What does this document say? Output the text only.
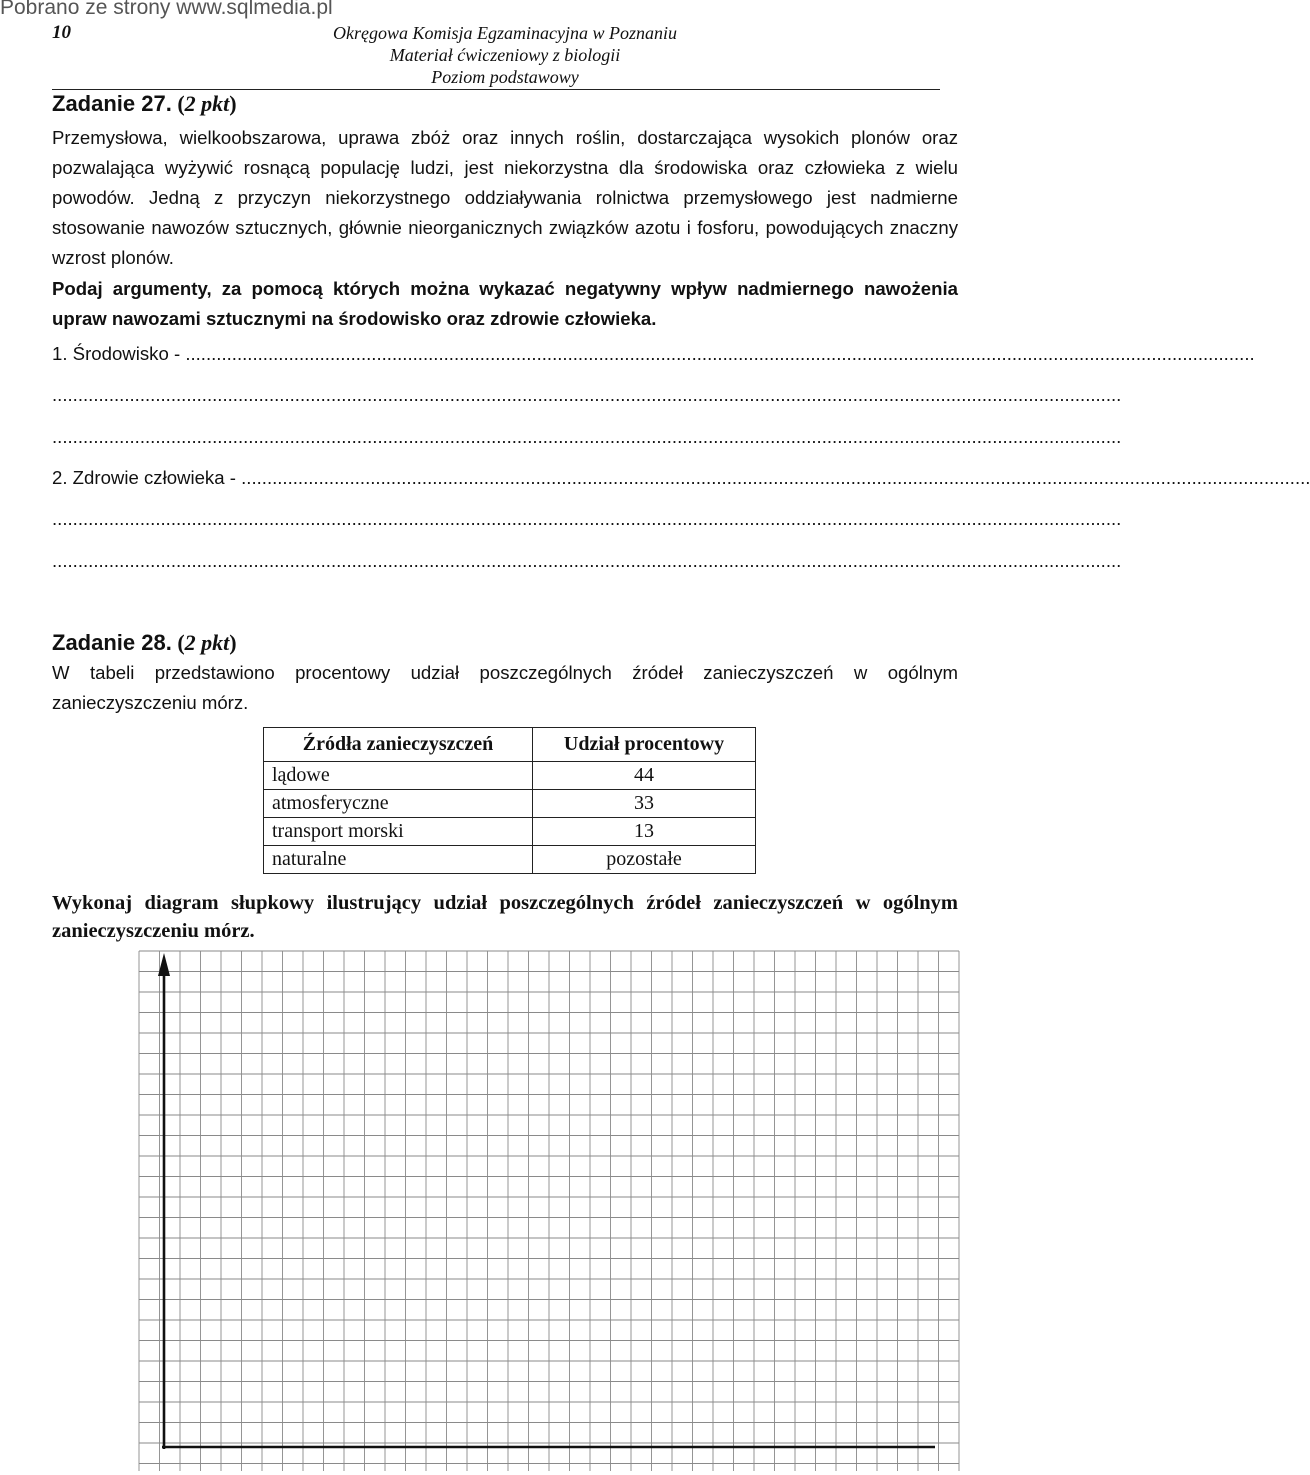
Pobrano ze strony www.sqlmedia.pl
10	Okręgowa Komisja Egzaminacyjna w Poznaniu
Materiał ćwiczeniowy z biologii
Poziom podstawowy
Zadanie 27. (2 pkt)

Przemysłowa, wielkoobszarowa, uprawa zbóż oraz innych roślin, dostarczająca wysokich plonów oraz pozwalająca wyżywić rosnącą populację ludzi, jest niekorzystna dla środowiska oraz człowieka z wielu powodów. Jedną z przyczyn niekorzystnego oddziaływania rolnictwa przemysłowego jest nadmierne stosowanie nawozów sztucznych, głównie nieorganicznych związków azotu i fosforu, powodujących znaczny wzrost plonów.

Podaj argumenty, za pomocą których można wykazać negatywny wpływ nadmiernego nawożenia upraw nawozami sztucznymi na środowisko oraz zdrowie człowieka.

1. Środowisko - ...............................................................................................................................................................................................................
...............................................................................................................................................................................................................
...............................................................................................................................................................................................................
2. Zdrowie człowieka - ...............................................................................................................................................................................................................
...............................................................................................................................................................................................................
...............................................................................................................................................................................................................
Zadanie 28. (2 pkt)

W tabeli przedstawiono procentowy udział poszczególnych źródeł zanieczyszczeń w ogólnym zanieczyszczeniu mórz.

Źródła zanieczyszczeń	Udział procentowy
lądowe	44
atmosferyczne	33
transport morski	13
naturalne	pozostałe

Wykonaj diagram słupkowy ilustrujący udział poszczególnych źródeł zanieczyszczeń w ogólnym zanieczyszczeniu mórz.
